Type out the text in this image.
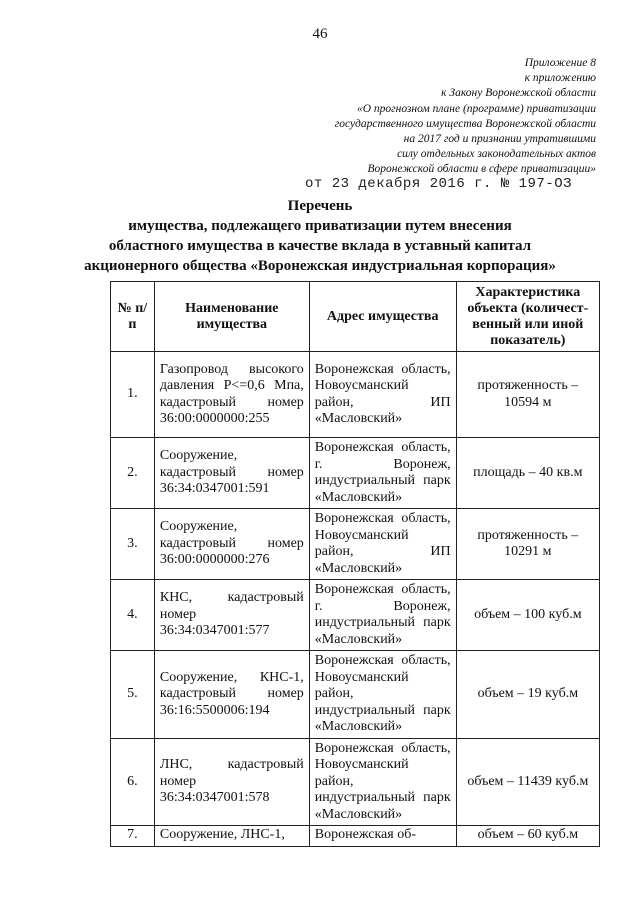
46
Приложение 8
к приложению
к Закону Воронежской области
«О прогнозном плане (программе) приватизации
государственного имущества Воронежской области
на 2017 год и признании утратившими
силу отдельных законодательных актов
Воронежской области в сфере приватизации»
от 23 декабря 2016 г. № 197-ОЗ
Перечень
имущества, подлежащего приватизации путем внесения
областного имущества в качестве вклада в уставный капитал
акционерного общества «Воронежская индустриальная корпорация»
№ п/п	Наименование имущества	Адрес имущества	Характеристика объекта (количест-венный или иной показатель)
1.	Газопровод высокого давления Р<=0,6 Мпа, кадастровый номер 36:00:0000000:255	Воронежская область, Новоусманский район, ИП «Масловский»	протяженность – 10594 м
2.	Сооружение, кадастровый номер 36:34:0347001:591	Воронежская область, г. Воронеж, индустриальный парк «Масловский»	площадь – 40 кв.м
3.	Сооружение, кадастровый номер 36:00:0000000:276	Воронежская область, Новоусманский район, ИП «Масловский»	протяженность – 10291 м
4.	КНС, кадастровый номер 36:34:0347001:577	Воронежская область, г. Воронеж, индустриальный парк «Масловский»	объем – 100 куб.м
5.	Сооружение, КНС-1, кадастровый номер 36:16:5500006:194	Воронежская область, Новоусманский район, индустриальный парк «Масловский»	объем – 19 куб.м
6.	ЛНС, кадастровый номер 36:34:0347001:578	Воронежская область, Новоусманский район, индустриальный парк «Масловский»	объем – 11439 куб.м
7.	Сооружение, ЛНС-1,	Воронежская об-	объем – 60 куб.м
